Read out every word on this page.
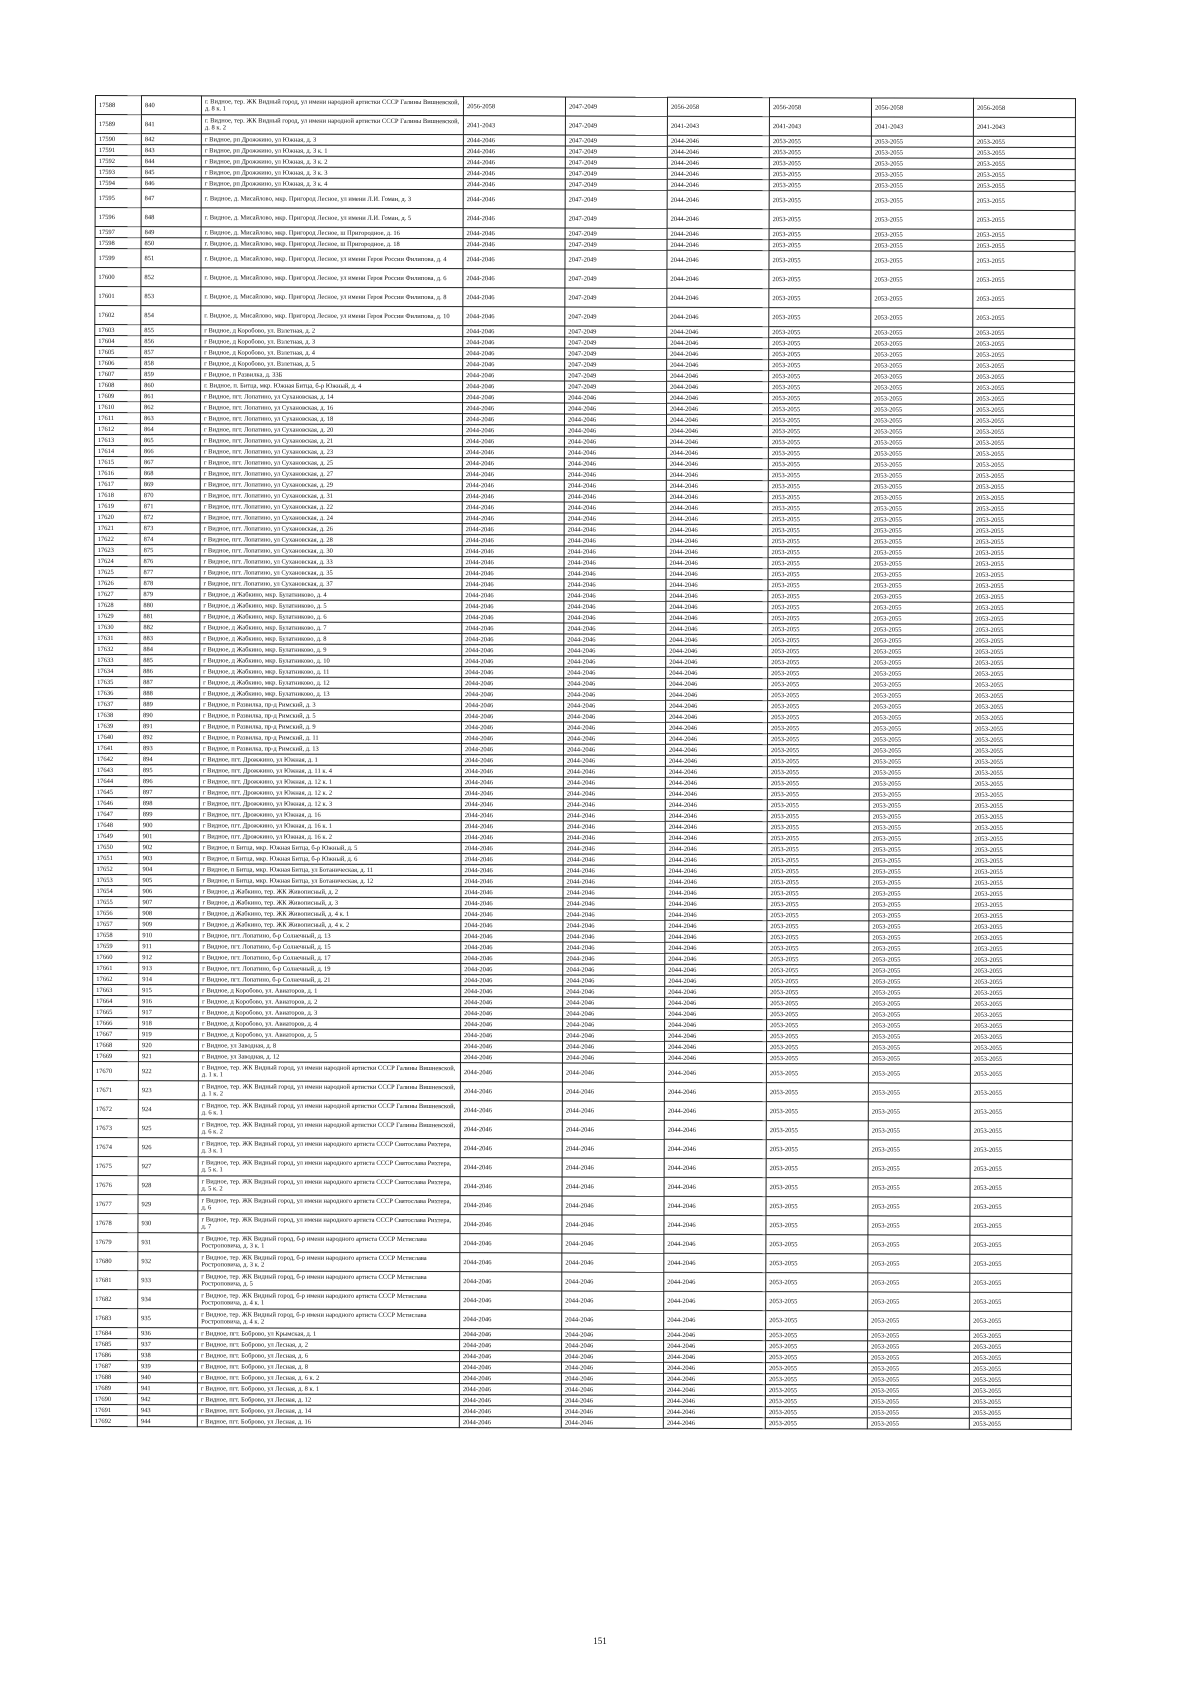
17588	840	г. Видное, тер. ЖК Видный город, ул имени народной артистки СССР Галины Вишневской, д. 8 к. 1	2056-2058	2047-2049	2056-2058	2056-2058	2056-2058	2056-2058
17589	841	г. Видное, тер. ЖК Видный город, ул имени народной артистки СССР Галины Вишневской, д. 8 к. 2	2041-2043	2047-2049	2041-2043	2041-2043	2041-2043	2041-2043
17590	842	г Видное, рп Дрожжино, ул Южная, д. 3	2044-2046	2047-2049	2044-2046	2053-2055	2053-2055	2053-2055
17591	843	г Видное, рп Дрожжино, ул Южная, д. 3 к. 1	2044-2046	2047-2049	2044-2046	2053-2055	2053-2055	2053-2055
17592	844	г Видное, рп Дрожжино, ул Южная, д. 3 к. 2	2044-2046	2047-2049	2044-2046	2053-2055	2053-2055	2053-2055
17593	845	г Видное, рп Дрожжино, ул Южная, д. 3 к. 3	2044-2046	2047-2049	2044-2046	2053-2055	2053-2055	2053-2055
17594	846	г Видное, рп Дрожжино, ул Южная, д. 3 к. 4	2044-2046	2047-2049	2044-2046	2053-2055	2053-2055	2053-2055
17595	847	г. Видное, д. Мисайлово, мкр. Пригород Лесное, ул имени Л.И. Гоман, д. 3	2044-2046	2047-2049	2044-2046	2053-2055	2053-2055	2053-2055
17596	848	г. Видное, д. Мисайлово, мкр. Пригород Лесное, ул имени Л.И. Гоман, д. 5	2044-2046	2047-2049	2044-2046	2053-2055	2053-2055	2053-2055
17597	849	г. Видное, д. Мисайлово, мкр. Пригород Лесное, ш Пригородное, д. 16	2044-2046	2047-2049	2044-2046	2053-2055	2053-2055	2053-2055
17598	850	г. Видное, д. Мисайлово, мкр. Пригород Лесное, ш Пригородное, д. 18	2044-2046	2047-2049	2044-2046	2053-2055	2053-2055	2053-2055
17599	851	г. Видное, д. Мисайлово, мкр. Пригород Лесное, ул имени Героя России Филипова, д. 4	2044-2046	2047-2049	2044-2046	2053-2055	2053-2055	2053-2055
17600	852	г. Видное, д. Мисайлово, мкр. Пригород Лесное, ул имени Героя России Филипова, д. 6	2044-2046	2047-2049	2044-2046	2053-2055	2053-2055	2053-2055
17601	853	г. Видное, д. Мисайлово, мкр. Пригород Лесное, ул имени Героя России Филипова, д. 8	2044-2046	2047-2049	2044-2046	2053-2055	2053-2055	2053-2055
17602	854	г. Видное, д. Мисайлово, мкр. Пригород Лесное, ул имени Героя России Филипова, д. 10	2044-2046	2047-2049	2044-2046	2053-2055	2053-2055	2053-2055
17603	855	г Видное, д Коробово, ул. Взлетная, д. 2	2044-2046	2047-2049	2044-2046	2053-2055	2053-2055	2053-2055
17604	856	г Видное, д Коробово, ул. Взлетная, д. 3	2044-2046	2047-2049	2044-2046	2053-2055	2053-2055	2053-2055
17605	857	г Видное, д Коробово, ул. Взлетная, д. 4	2044-2046	2047-2049	2044-2046	2053-2055	2053-2055	2053-2055
17606	858	г Видное, д Коробово, ул. Взлетная, д. 5	2044-2046	2047-2049	2044-2046	2053-2055	2053-2055	2053-2055
17607	859	г Видное, п Развилка, д. 33Б	2044-2046	2047-2049	2044-2046	2053-2055	2053-2055	2053-2055
17608	860	г. Видное, п. Битца, мкр. Южная Битца, б-р Южный, д. 4	2044-2046	2047-2049	2044-2046	2053-2055	2053-2055	2053-2055
17609	861	г Видное, пгт. Лопатино, ул Сухановская, д. 14	2044-2046	2044-2046	2044-2046	2053-2055	2053-2055	2053-2055
17610	862	г Видное, пгт. Лопатино, ул Сухановская, д. 16	2044-2046	2044-2046	2044-2046	2053-2055	2053-2055	2053-2055
17611	863	г Видное, пгт. Лопатино, ул Сухановская, д. 18	2044-2046	2044-2046	2044-2046	2053-2055	2053-2055	2053-2055
17612	864	г Видное, пгт. Лопатино, ул Сухановская, д. 20	2044-2046	2044-2046	2044-2046	2053-2055	2053-2055	2053-2055
17613	865	г Видное, пгт. Лопатино, ул Сухановская, д. 21	2044-2046	2044-2046	2044-2046	2053-2055	2053-2055	2053-2055
17614	866	г Видное, пгт. Лопатино, ул Сухановская, д. 23	2044-2046	2044-2046	2044-2046	2053-2055	2053-2055	2053-2055
17615	867	г Видное, пгт. Лопатино, ул Сухановская, д. 25	2044-2046	2044-2046	2044-2046	2053-2055	2053-2055	2053-2055
17616	868	г Видное, пгт. Лопатино, ул Сухановская, д. 27	2044-2046	2044-2046	2044-2046	2053-2055	2053-2055	2053-2055
17617	869	г Видное, пгт. Лопатино, ул Сухановская, д. 29	2044-2046	2044-2046	2044-2046	2053-2055	2053-2055	2053-2055
17618	870	г Видное, пгт. Лопатино, ул Сухановская, д. 31	2044-2046	2044-2046	2044-2046	2053-2055	2053-2055	2053-2055
17619	871	г Видное, пгт. Лопатино, ул Сухановская, д. 22	2044-2046	2044-2046	2044-2046	2053-2055	2053-2055	2053-2055
17620	872	г Видное, пгт. Лопатино, ул Сухановская, д. 24	2044-2046	2044-2046	2044-2046	2053-2055	2053-2055	2053-2055
17621	873	г Видное, пгт. Лопатино, ул Сухановская, д. 26	2044-2046	2044-2046	2044-2046	2053-2055	2053-2055	2053-2055
17622	874	г Видное, пгт. Лопатино, ул Сухановская, д. 28	2044-2046	2044-2046	2044-2046	2053-2055	2053-2055	2053-2055
17623	875	г Видное, пгт. Лопатино, ул Сухановская, д. 30	2044-2046	2044-2046	2044-2046	2053-2055	2053-2055	2053-2055
17624	876	г Видное, пгт. Лопатино, ул Сухановская, д. 33	2044-2046	2044-2046	2044-2046	2053-2055	2053-2055	2053-2055
17625	877	г Видное, пгт. Лопатино, ул Сухановская, д. 35	2044-2046	2044-2046	2044-2046	2053-2055	2053-2055	2053-2055
17626	878	г Видное, пгт. Лопатино, ул Сухановская, д. 37	2044-2046	2044-2046	2044-2046	2053-2055	2053-2055	2053-2055
17627	879	г Видное, д Жабкино, мкр. Булатниково, д. 4	2044-2046	2044-2046	2044-2046	2053-2055	2053-2055	2053-2055
17628	880	г Видное, д Жабкино, мкр. Булатниково, д. 5	2044-2046	2044-2046	2044-2046	2053-2055	2053-2055	2053-2055
17629	881	г Видное, д Жабкино, мкр. Булатниково, д. 6	2044-2046	2044-2046	2044-2046	2053-2055	2053-2055	2053-2055
17630	882	г Видное, д Жабкино, мкр. Булатниково, д. 7	2044-2046	2044-2046	2044-2046	2053-2055	2053-2055	2053-2055
17631	883	г Видное, д Жабкино, мкр. Булатниково, д. 8	2044-2046	2044-2046	2044-2046	2053-2055	2053-2055	2053-2055
17632	884	г Видное, д Жабкино, мкр. Булатниково, д. 9	2044-2046	2044-2046	2044-2046	2053-2055	2053-2055	2053-2055
17633	885	г Видное, д Жабкино, мкр. Булатниково, д. 10	2044-2046	2044-2046	2044-2046	2053-2055	2053-2055	2053-2055
17634	886	г Видное, д Жабкино, мкр. Булатниково, д. 11	2044-2046	2044-2046	2044-2046	2053-2055	2053-2055	2053-2055
17635	887	г Видное, д Жабкино, мкр. Булатниково, д. 12	2044-2046	2044-2046	2044-2046	2053-2055	2053-2055	2053-2055
17636	888	г Видное, д Жабкино, мкр. Булатниково, д. 13	2044-2046	2044-2046	2044-2046	2053-2055	2053-2055	2053-2055
17637	889	г Видное, п Развилка, пр-д Римский, д. 3	2044-2046	2044-2046	2044-2046	2053-2055	2053-2055	2053-2055
17638	890	г Видное, п Развилка, пр-д Римский, д. 5	2044-2046	2044-2046	2044-2046	2053-2055	2053-2055	2053-2055
17639	891	г Видное, п Развилка, пр-д Римский, д. 9	2044-2046	2044-2046	2044-2046	2053-2055	2053-2055	2053-2055
17640	892	г Видное, п Развилка, пр-д Римский, д. 11	2044-2046	2044-2046	2044-2046	2053-2055	2053-2055	2053-2055
17641	893	г Видное, п Развилка, пр-д Римский, д. 13	2044-2046	2044-2046	2044-2046	2053-2055	2053-2055	2053-2055
17642	894	г Видное, пгт. Дрожжино, ул Южная, д. 1	2044-2046	2044-2046	2044-2046	2053-2055	2053-2055	2053-2055
17643	895	г Видное, пгт. Дрожжино, ул Южная, д. 11 к. 4	2044-2046	2044-2046	2044-2046	2053-2055	2053-2055	2053-2055
17644	896	г Видное, пгт. Дрожжино, ул Южная, д. 12 к. 1	2044-2046	2044-2046	2044-2046	2053-2055	2053-2055	2053-2055
17645	897	г Видное, пгт. Дрожжино, ул Южная, д. 12 к. 2	2044-2046	2044-2046	2044-2046	2053-2055	2053-2055	2053-2055
17646	898	г Видное, пгт. Дрожжино, ул Южная, д. 12 к. 3	2044-2046	2044-2046	2044-2046	2053-2055	2053-2055	2053-2055
17647	899	г Видное, пгт. Дрожжино, ул Южная, д. 16	2044-2046	2044-2046	2044-2046	2053-2055	2053-2055	2053-2055
17648	900	г Видное, пгт. Дрожжино, ул Южная, д. 16 к. 1	2044-2046	2044-2046	2044-2046	2053-2055	2053-2055	2053-2055
17649	901	г Видное, пгт. Дрожжино, ул Южная, д. 16 к. 2	2044-2046	2044-2046	2044-2046	2053-2055	2053-2055	2053-2055
17650	902	г Видное, п Битца, мкр. Южная Битца, б-р Южный, д. 5	2044-2046	2044-2046	2044-2046	2053-2055	2053-2055	2053-2055
17651	903	г Видное, п Битца, мкр. Южная Битца, б-р Южный, д. 6	2044-2046	2044-2046	2044-2046	2053-2055	2053-2055	2053-2055
17652	904	г Видное, п Битца, мкр. Южная Битца, ул Ботаническая, д. 11	2044-2046	2044-2046	2044-2046	2053-2055	2053-2055	2053-2055
17653	905	г Видное, п Битца, мкр. Южная Битца, ул Ботаническая, д. 12	2044-2046	2044-2046	2044-2046	2053-2055	2053-2055	2053-2055
17654	906	г Видное, д Жабкино, тер. ЖК Живописный, д. 2	2044-2046	2044-2046	2044-2046	2053-2055	2053-2055	2053-2055
17655	907	г Видное, д Жабкино, тер. ЖК Живописный, д. 3	2044-2046	2044-2046	2044-2046	2053-2055	2053-2055	2053-2055
17656	908	г Видное, д Жабкино, тер. ЖК Живописный, д. 4 к. 1	2044-2046	2044-2046	2044-2046	2053-2055	2053-2055	2053-2055
17657	909	г Видное, д Жабкино, тер. ЖК Живописный, д. 4 к. 2	2044-2046	2044-2046	2044-2046	2053-2055	2053-2055	2053-2055
17658	910	г Видное, пгт. Лопатино, б-р Солнечный, д. 13	2044-2046	2044-2046	2044-2046	2053-2055	2053-2055	2053-2055
17659	911	г Видное, пгт. Лопатино, б-р Солнечный, д. 15	2044-2046	2044-2046	2044-2046	2053-2055	2053-2055	2053-2055
17660	912	г Видное, пгт. Лопатино, б-р Солнечный, д. 17	2044-2046	2044-2046	2044-2046	2053-2055	2053-2055	2053-2055
17661	913	г Видное, пгт. Лопатино, б-р Солнечный, д. 19	2044-2046	2044-2046	2044-2046	2053-2055	2053-2055	2053-2055
17662	914	г Видное, пгт. Лопатино, б-р Солнечный, д. 21	2044-2046	2044-2046	2044-2046	2053-2055	2053-2055	2053-2055
17663	915	г Видное, д Коробово, ул. Авиаторов, д. 1	2044-2046	2044-2046	2044-2046	2053-2055	2053-2055	2053-2055
17664	916	г Видное, д Коробово, ул. Авиаторов, д. 2	2044-2046	2044-2046	2044-2046	2053-2055	2053-2055	2053-2055
17665	917	г Видное, д Коробово, ул. Авиаторов, д. 3	2044-2046	2044-2046	2044-2046	2053-2055	2053-2055	2053-2055
17666	918	г Видное, д Коробово, ул. Авиаторов, д. 4	2044-2046	2044-2046	2044-2046	2053-2055	2053-2055	2053-2055
17667	919	г Видное, д Коробово, ул. Авиаторов, д. 5	2044-2046	2044-2046	2044-2046	2053-2055	2053-2055	2053-2055
17668	920	г Видное, ул Заводная, д. 8	2044-2046	2044-2046	2044-2046	2053-2055	2053-2055	2053-2055
17669	921	г Видное, ул Заводная, д. 12	2044-2046	2044-2046	2044-2046	2053-2055	2053-2055	2053-2055
17670	922	г Видное, тер. ЖК Видный город, ул имени народной артистки СССР Галины Вишневской, д. 1 к. 1	2044-2046	2044-2046	2044-2046	2053-2055	2053-2055	2053-2055
17671	923	г Видное, тер. ЖК Видный город, ул имени народной артистки СССР Галины Вишневской, д. 1 к. 2	2044-2046	2044-2046	2044-2046	2053-2055	2053-2055	2053-2055
17672	924	г Видное, тер. ЖК Видный город, ул имени народной артистки СССР Галины Вишневской, д. 6 к. 1	2044-2046	2044-2046	2044-2046	2053-2055	2053-2055	2053-2055
17673	925	г Видное, тер. ЖК Видный город, ул имени народной артистки СССР Галины Вишневской, д. 6 к. 2	2044-2046	2044-2046	2044-2046	2053-2055	2053-2055	2053-2055
17674	926	г Видное, тер. ЖК Видный город, ул имени народного артиста СССР Святослава Рихтера, д. 3 к. 1	2044-2046	2044-2046	2044-2046	2053-2055	2053-2055	2053-2055
17675	927	г Видное, тер. ЖК Видный город, ул имени народного артиста СССР Святослава Рихтера, д. 5 к. 1	2044-2046	2044-2046	2044-2046	2053-2055	2053-2055	2053-2055
17676	928	г Видное, тер. ЖК Видный город, ул имени народного артиста СССР Святослава Рихтера, д. 5 к. 2	2044-2046	2044-2046	2044-2046	2053-2055	2053-2055	2053-2055
17677	929	г Видное, тер. ЖК Видный город, ул имени народного артиста СССР Святослава Рихтера, д. 6	2044-2046	2044-2046	2044-2046	2053-2055	2053-2055	2053-2055
17678	930	г Видное, тер. ЖК Видный город, ул имени народного артиста СССР Святослава Рихтера, д. 7	2044-2046	2044-2046	2044-2046	2053-2055	2053-2055	2053-2055
17679	931	г Видное, тер. ЖК Видный город, б-р имени народного артиста СССР Мстислава Ростроповича, д. 3 к. 1	2044-2046	2044-2046	2044-2046	2053-2055	2053-2055	2053-2055
17680	932	г Видное, тер. ЖК Видный город, б-р имени народного артиста СССР Мстислава Ростроповича, д. 3 к. 2	2044-2046	2044-2046	2044-2046	2053-2055	2053-2055	2053-2055
17681	933	г Видное, тер. ЖК Видный город, б-р имени народного артиста СССР Мстислава Ростроповича, д. 5	2044-2046	2044-2046	2044-2046	2053-2055	2053-2055	2053-2055
17682	934	г Видное, тер. ЖК Видный город, б-р имени народного артиста СССР Мстислава Ростроповича, д. 4 к. 1	2044-2046	2044-2046	2044-2046	2053-2055	2053-2055	2053-2055
17683	935	г Видное, тер. ЖК Видный город, б-р имени народного артиста СССР Мстислава Ростроповича, д. 4 к. 2	2044-2046	2044-2046	2044-2046	2053-2055	2053-2055	2053-2055
17684	936	г Видное, пгт. Боброво, ул Крымская, д. 1	2044-2046	2044-2046	2044-2046	2053-2055	2053-2055	2053-2055
17685	937	г Видное, пгт. Боброво, ул Лесная, д. 2	2044-2046	2044-2046	2044-2046	2053-2055	2053-2055	2053-2055
17686	938	г Видное, пгт. Боброво, ул Лесная, д. 6	2044-2046	2044-2046	2044-2046	2053-2055	2053-2055	2053-2055
17687	939	г Видное, пгт. Боброво, ул Лесная, д. 8	2044-2046	2044-2046	2044-2046	2053-2055	2053-2055	2053-2055
17688	940	г Видное, пгт. Боброво, ул Лесная, д. 6 к. 2	2044-2046	2044-2046	2044-2046	2053-2055	2053-2055	2053-2055
17689	941	г Видное, пгт. Боброво, ул Лесная, д. 8 к. 1	2044-2046	2044-2046	2044-2046	2053-2055	2053-2055	2053-2055
17690	942	г Видное, пгт. Боброво, ул Лесная, д. 12	2044-2046	2044-2046	2044-2046	2053-2055	2053-2055	2053-2055
17691	943	г Видное, пгт. Боброво, ул Лесная, д. 14	2044-2046	2044-2046	2044-2046	2053-2055	2053-2055	2053-2055
17692	944	г Видное, пгт. Боброво, ул Лесная, д. 16	2044-2046	2044-2046	2044-2046	2053-2055	2053-2055	2053-2055
151
